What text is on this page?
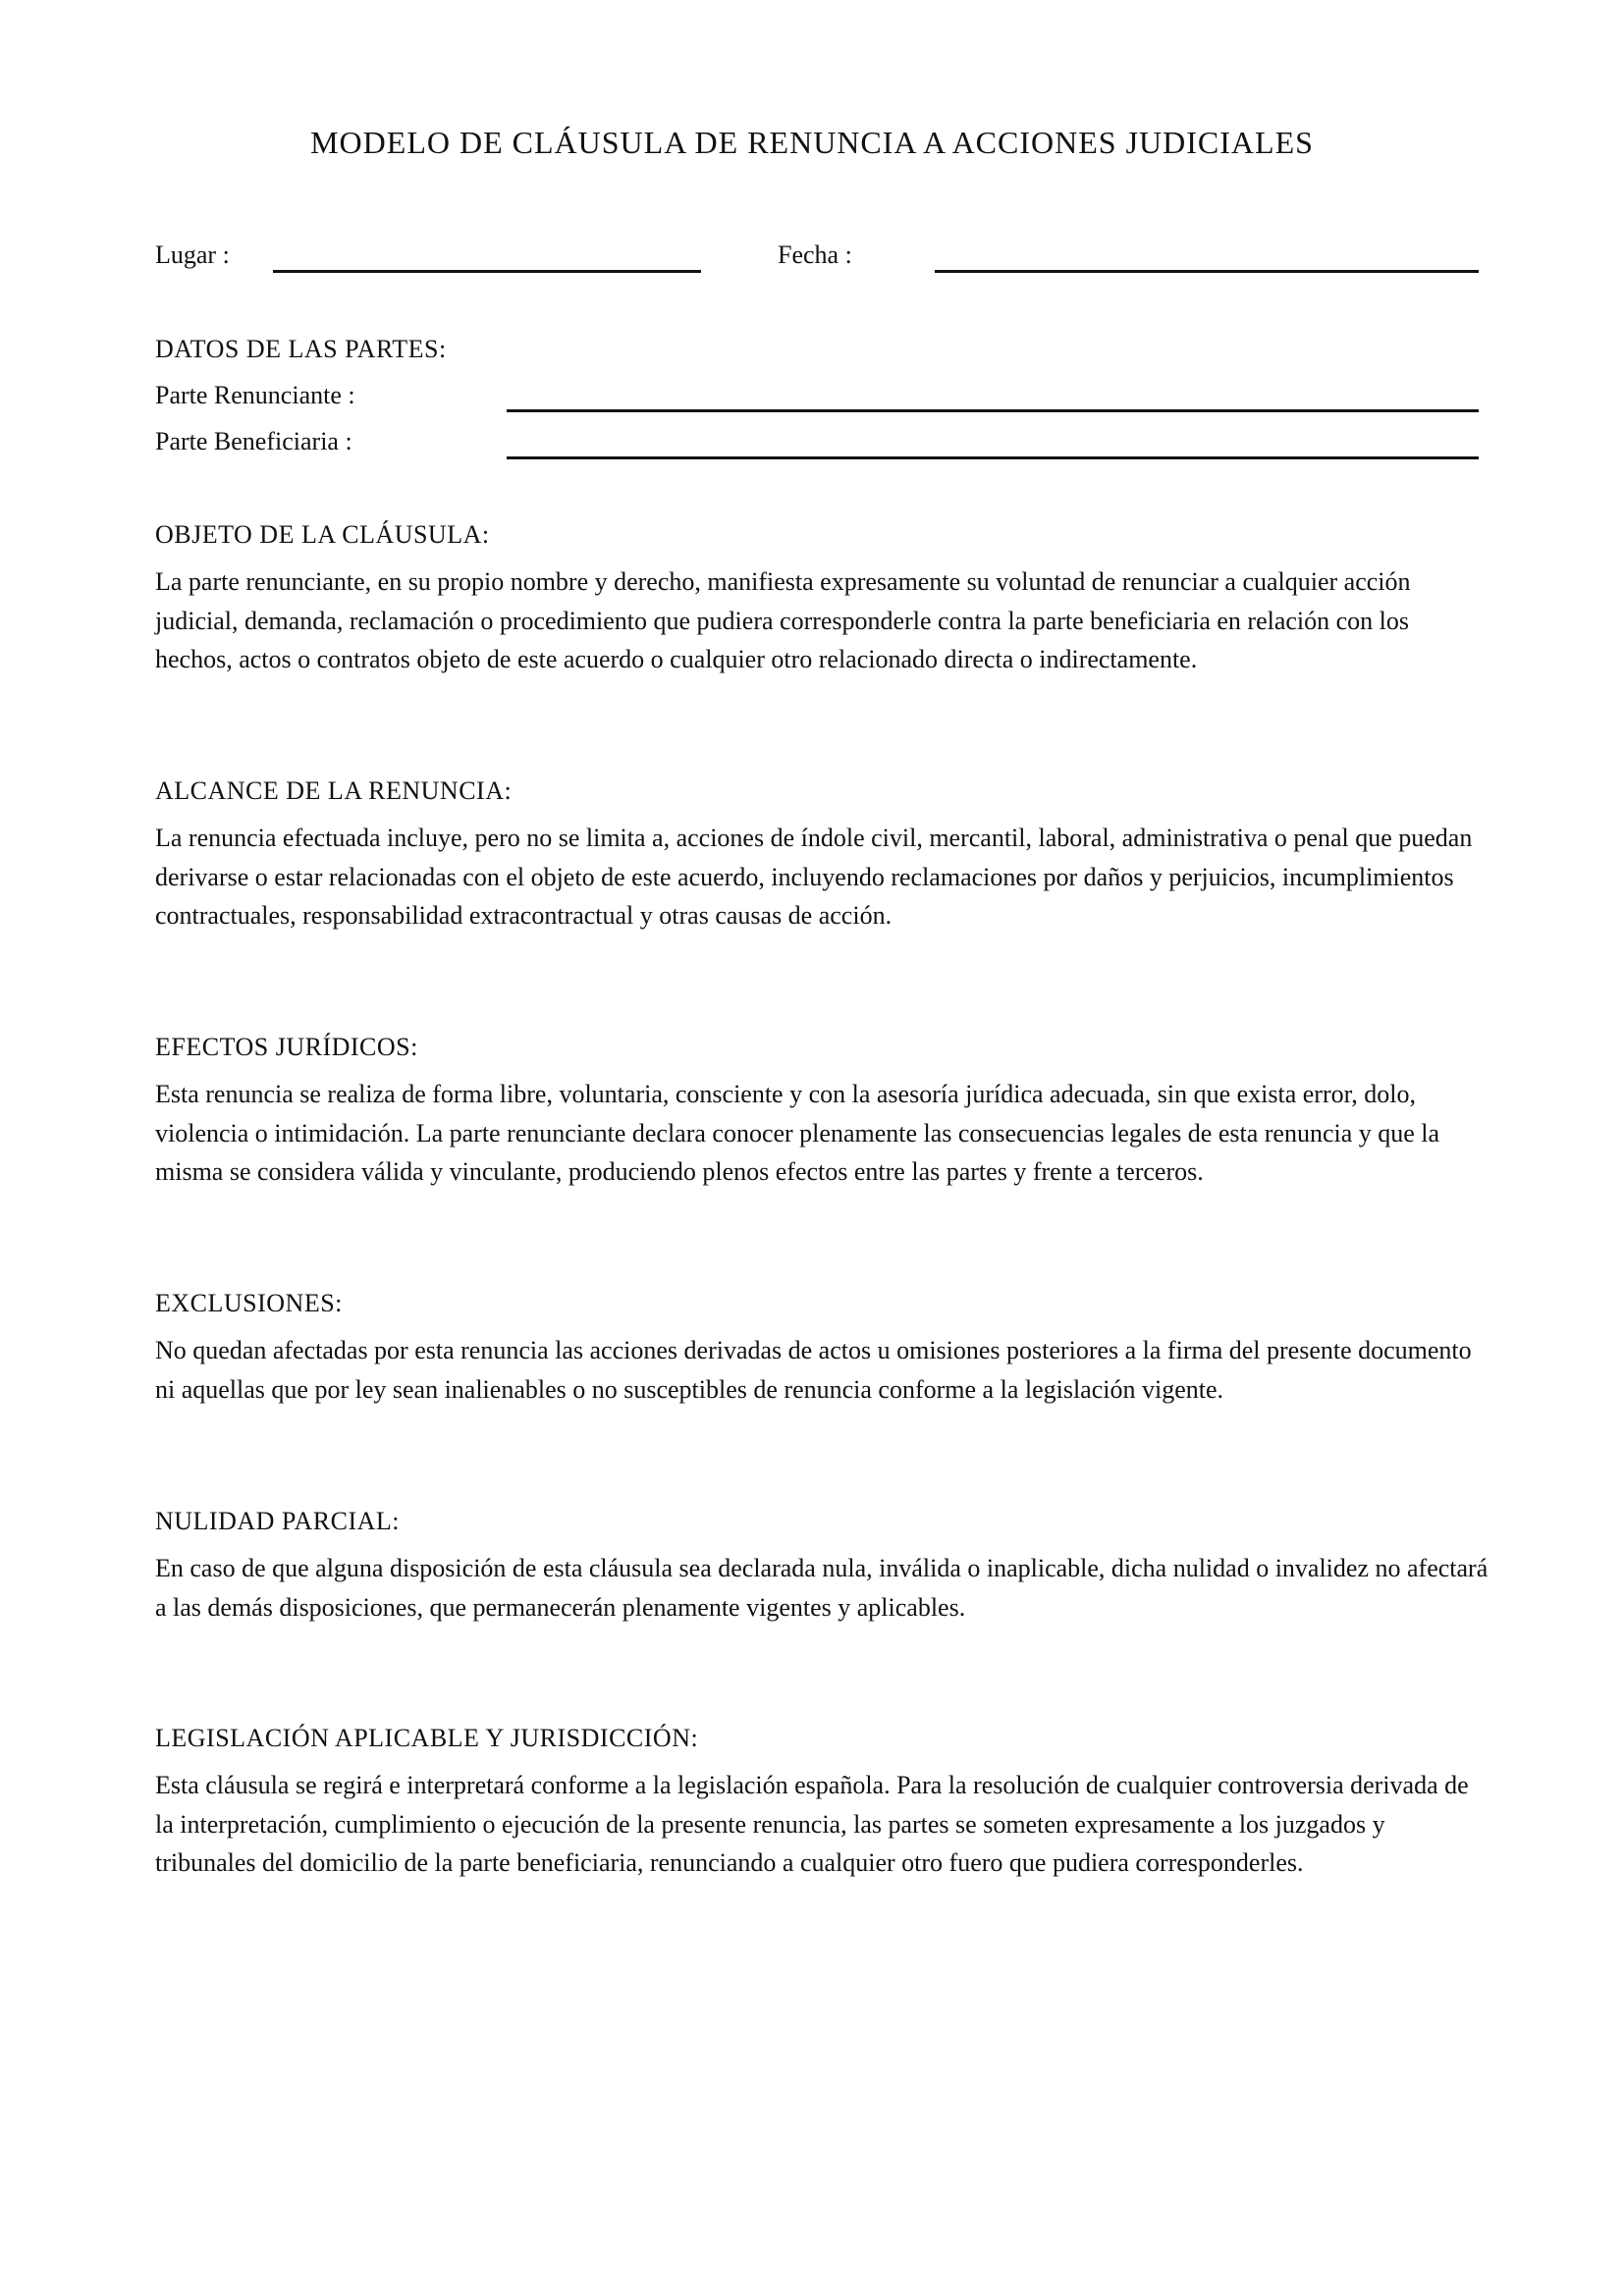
MODELO DE CLÁUSULA DE RENUNCIA A ACCIONES JUDICIALES
Lugar :	Fecha :
DATOS DE LAS PARTES:
Parte Renunciante :
Parte Beneficiaria :
OBJETO DE LA CLÁUSULA:
La parte renunciante, en su propio nombre y derecho, manifiesta expresamente su voluntad de renunciar a cualquier acción judicial, demanda, reclamación o procedimiento que pudiera corresponderle contra la parte beneficiaria en relación con los hechos, actos o contratos objeto de este acuerdo o cualquier otro relacionado directa o indirectamente.
ALCANCE DE LA RENUNCIA:
La renuncia efectuada incluye, pero no se limita a, acciones de índole civil, mercantil, laboral, administrativa o penal que puedan derivarse o estar relacionadas con el objeto de este acuerdo, incluyendo reclamaciones por daños y perjuicios, incumplimientos contractuales, responsabilidad extracontractual y otras causas de acción.
EFECTOS JURÍDICOS:
Esta renuncia se realiza de forma libre, voluntaria, consciente y con la asesoría jurídica adecuada, sin que exista error, dolo, violencia o intimidación. La parte renunciante declara conocer plenamente las consecuencias legales de esta renuncia y que la misma se considera válida y vinculante, produciendo plenos efectos entre las partes y frente a terceros.
EXCLUSIONES:
No quedan afectadas por esta renuncia las acciones derivadas de actos u omisiones posteriores a la firma del presente documento ni aquellas que por ley sean inalienables o no susceptibles de renuncia conforme a la legislación vigente.
NULIDAD PARCIAL:
En caso de que alguna disposición de esta cláusula sea declarada nula, inválida o inaplicable, dicha nulidad o invalidez no afectará a las demás disposiciones, que permanecerán plenamente vigentes y aplicables.
LEGISLACIÓN APLICABLE Y JURISDICCIÓN:
Esta cláusula se regirá e interpretará conforme a la legislación española. Para la resolución de cualquier controversia derivada de la interpretación, cumplimiento o ejecución de la presente renuncia, las partes se someten expresamente a los juzgados y tribunales del domicilio de la parte beneficiaria, renunciando a cualquier otro fuero que pudiera corresponderles.
